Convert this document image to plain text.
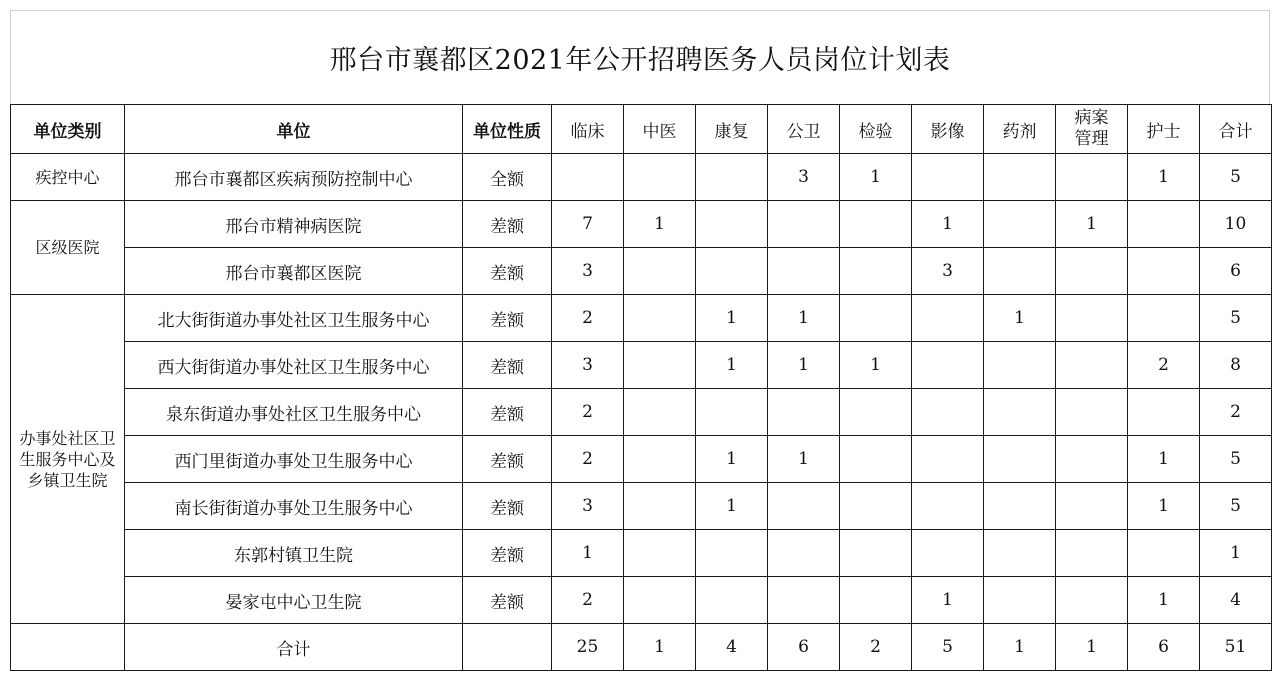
邢台市襄都区2021年公开招聘医务人员岗位计划表
单位类别	单位	单位性质	临床	中医	康复	公卫	检验	影像	药剂	病案管理	护士	合计
疾控中心	邢台市襄都区疾病预防控制中心	全额				3	1				1	5
区级医院	邢台市精神病医院	差额	7	1				1		1		10
	邢台市襄都区医院	差额	3					3				6

办事处社区卫生服务中心及乡镇卫生院	北大街街道办事处社区卫生服务中心	差额	2		1	1			1			5
	西大街街道办事处社区卫生服务中心	差额	3		1	1	1				2	8
	泉东街道办事处社区卫生服务中心	差额	2									2
	西门里街道办事处卫生服务中心	差额	2		1	1					1	5
	南长街街道办事处卫生服务中心	差额	3		1						1	5
	东郭村镇卫生院	差额	1									1
	晏家屯中心卫生院	差额	2					1			1	4
	合计		25	1	4	6	2	5	1	1	6	51
